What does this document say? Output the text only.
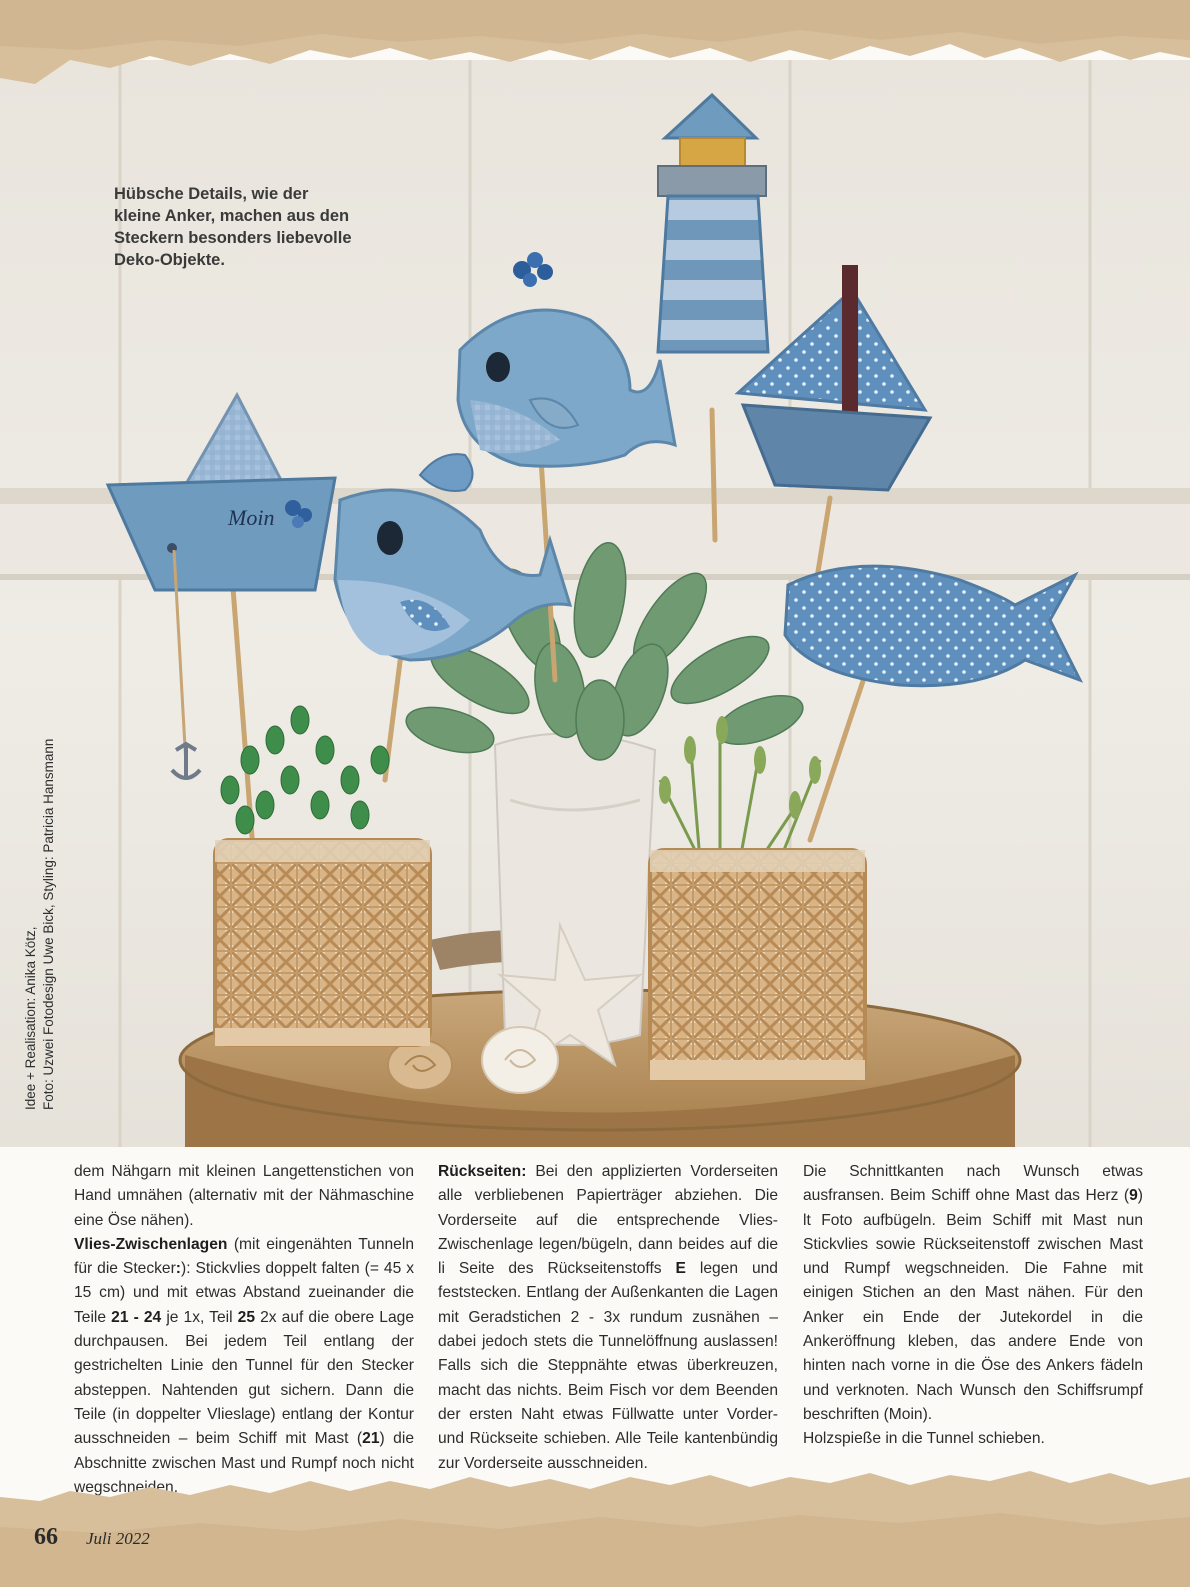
Moin
Hübsche Details, wie der
kleine Anker, machen aus den
Steckern besonders liebevolle
Deko-Objekte.
Idee + Realisation: Anika Kötz, Foto: Uzwei Fotodesign Uwe Bick, Styling: Patricia Hansmann

dem Nähgarn mit kleinen Langettenstichen von Hand umnähen (alternativ mit der Nähmaschine eine Öse nähen).

Vlies-Zwischenlagen (mit eingenähten Tunneln für die Stecker:): Stickvlies doppelt falten (= 45 x 15 cm) und mit etwas Abstand zueinander die Teile 21 - 24 je 1x, Teil 25 2x auf die obere Lage durchpausen. Bei jedem Teil entlang der gestrichelten Linie den Tunnel für den Stecker absteppen. Nahtenden gut sichern. Dann die Teile (in doppelter Vlieslage) entlang der Kontur ausschneiden – beim Schiff mit Mast (21) die Abschnitte zwischen Mast und Rumpf noch nicht wegschneiden.

Rückseiten: Bei den applizierten Vorderseiten alle verbliebenen Papierträger abziehen. Die Vorderseite auf die entsprechende Vlies-Zwischenlage legen/bügeln, dann beides auf die li Seite des Rückseitenstoffs E legen und feststecken. Entlang der Außenkanten die Lagen mit Geradstichen 2 - 3x rundum zusnähen – dabei jedoch stets die Tunnelöffnung auslassen! Falls sich die Steppnähte etwas überkreuzen, macht das nichts. Beim Fisch vor dem Beenden der ersten Naht etwas Füllwatte unter Vorder- und Rückseite schieben. Alle Teile kantenbündig zur Vorderseite ausschneiden.

Die Schnittkanten nach Wunsch etwas ausfransen. Beim Schiff ohne Mast das Herz (9) lt Foto aufbügeln. Beim Schiff mit Mast nun Stickvlies sowie Rückseitenstoff zwischen Mast und Rumpf wegschneiden. Die Fahne mit einigen Stichen an den Mast nähen. Für den Anker ein Ende der Jutekordel in die Ankeröffnung kleben, das andere Ende von hinten nach vorne in die Öse des Ankers fädeln und verknoten. Nach Wunsch den Schiffsrumpf beschriften (Moin).

Holzspieße in die Tunnel schieben.

66 Juli 2022
